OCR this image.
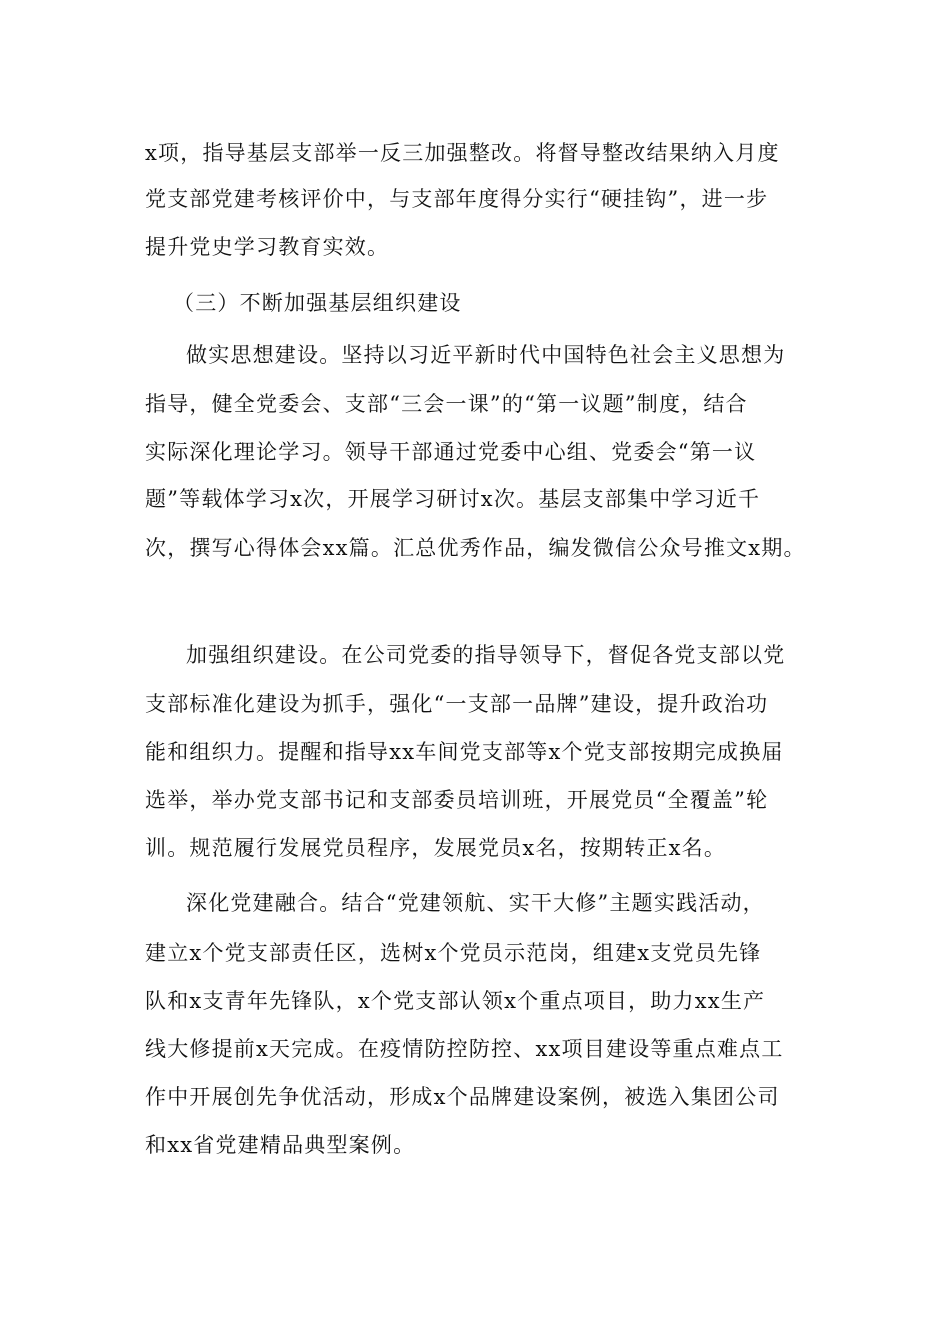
x项，指导基层支部举一反三加强整改。将督导整改结果纳入月度
党支部党建考核评价中，与支部年度得分实行“硬挂钩”，进一步
提升党史学习教育实效。
（三）不断加强基层组织建设
做实思想建设。坚持以习近平新时代中国特色社会主义思想为
指导，健全党委会、支部“三会一课”的“第一议题”制度，结合
实际深化理论学习。领导干部通过党委中心组、党委会“第一议
题”等载体学习x次，开展学习研讨x次。基层支部集中学习近千
次，撰写心得体会xx篇。汇总优秀作品，编发微信公众号推文x期。
加强组织建设。在公司党委的指导领导下，督促各党支部以党
支部标准化建设为抓手，强化“一支部一品牌”建设，提升政治功
能和组织力。提醒和指导xx车间党支部等x个党支部按期完成换届
选举，举办党支部书记和支部委员培训班，开展党员“全覆盖”轮
训。规范履行发展党员程序，发展党员x名，按期转正x名。
深化党建融合。结合“党建领航、实干大修”主题实践活动，
建立x个党支部责任区，选树x个党员示范岗，组建x支党员先锋
队和x支青年先锋队，x个党支部认领x个重点项目，助力xx生产
线大修提前x天完成。在疫情防控防控、xx项目建设等重点难点工
作中开展创先争优活动，形成x个品牌建设案例，被选入集团公司
和xx省党建精品典型案例。
